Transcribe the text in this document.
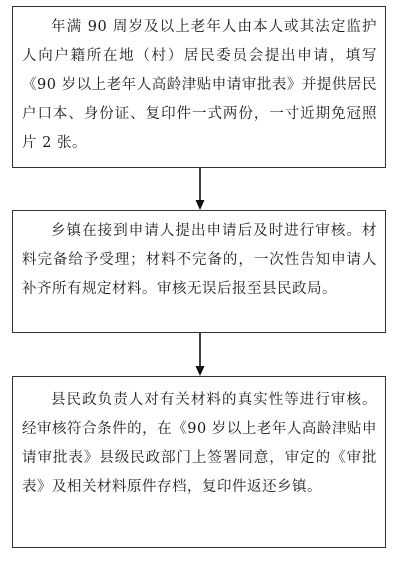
年满 90 周岁及以上老年人由本人或其法定监护人向户籍所在地（村）居民委员会提出申请，填写《90 岁以上老年人高龄津贴申请审批表》并提供居民户口本、身份证、复印件一式两份，一寸近期免冠照片 2 张。
乡镇在接到申请人提出申请后及时进行审核。材料完备给予受理；材料不完备的，一次性告知申请人补齐所有规定材料。审核无误后报至县民政局。
县民政负责人对有关材料的真实性等进行审核。经审核符合条件的，在《90 岁以上老年人高龄津贴申请审批表》县级民政部门上签署同意，审定的《审批表》及相关材料原件存档，复印件返还乡镇。
